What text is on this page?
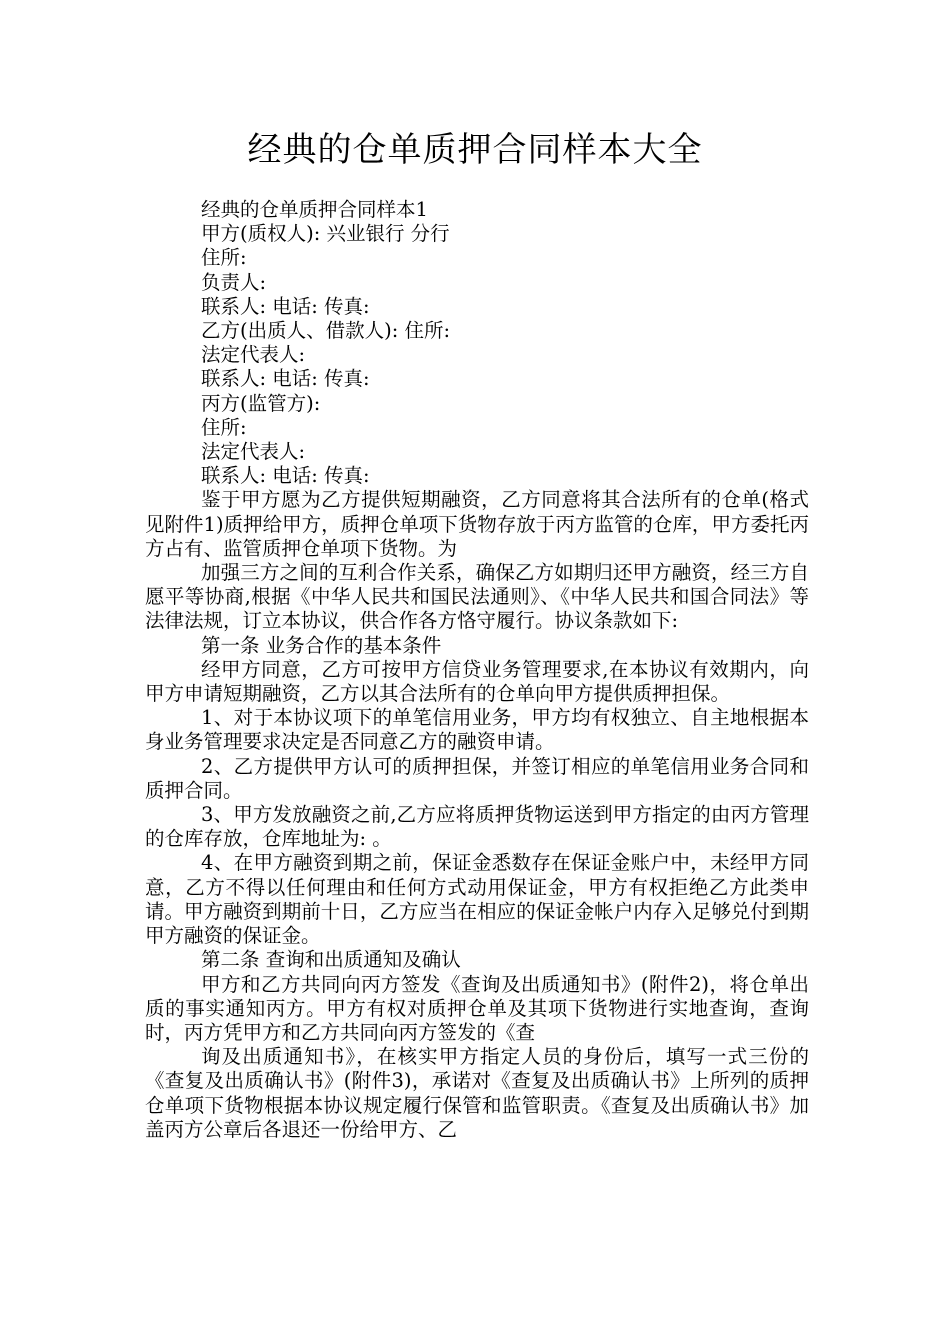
经典的仓单质押合同样本大全

经典的仓单质押合同样本1

甲方(质权人): 兴业银行 分行

住所:

负责人:

联系人: 电话: 传真:

乙方(出质人、借款人): 住所:

法定代表人:

联系人: 电话: 传真:

丙方(监管方):

住所:

法定代表人:

联系人: 电话: 传真:

鉴于甲方愿为乙方提供短期融资，乙方同意将其合法所有的仓单(格式见附件1)质押给甲方，质押仓单项下货物存放于丙方监管的仓库，甲方委托丙方占有、监管质押仓单项下货物。为

加强三方之间的互利合作关系，确保乙方如期归还甲方融资，经三方自愿平等协商,根据《中华人民共和国民法通则》、《中华人民共和国合同法》等法律法规，订立本协议，供合作各方恪守履行。协议条款如下:

第一条 业务合作的基本条件

经甲方同意，乙方可按甲方信贷业务管理要求,在本协议有效期内，向甲方申请短期融资，乙方以其合法所有的仓单向甲方提供质押担保。

1、对于本协议项下的单笔信用业务，甲方均有权独立、自主地根据本身业务管理要求决定是否同意乙方的融资申请。

2、乙方提供甲方认可的质押担保，并签订相应的单笔信用业务合同和质押合同。

3、甲方发放融资之前,乙方应将质押货物运送到甲方指定的由丙方管理的仓库存放，仓库地址为: 。

4、在甲方融资到期之前，保证金悉数存在保证金账户中，未经甲方同意，乙方不得以任何理由和任何方式动用保证金，甲方有权拒绝乙方此类申请。甲方融资到期前十日，乙方应当在相应的保证金帐户内存入足够兑付到期甲方融资的保证金。

第二条 查询和出质通知及确认

甲方和乙方共同向丙方签发《查询及出质通知书》(附件2)，将仓单出质的事实通知丙方。甲方有权对质押仓单及其项下货物进行实地查询，查询时，丙方凭甲方和乙方共同向丙方签发的《查

询及出质通知书》，在核实甲方指定人员的身份后，填写一式三份的《查复及出质确认书》(附件3)，承诺对《查复及出质确认书》上所列的质押仓单项下货物根据本协议规定履行保管和监管职责。《查复及出质确认书》加盖丙方公章后各退还一份给甲方、乙
